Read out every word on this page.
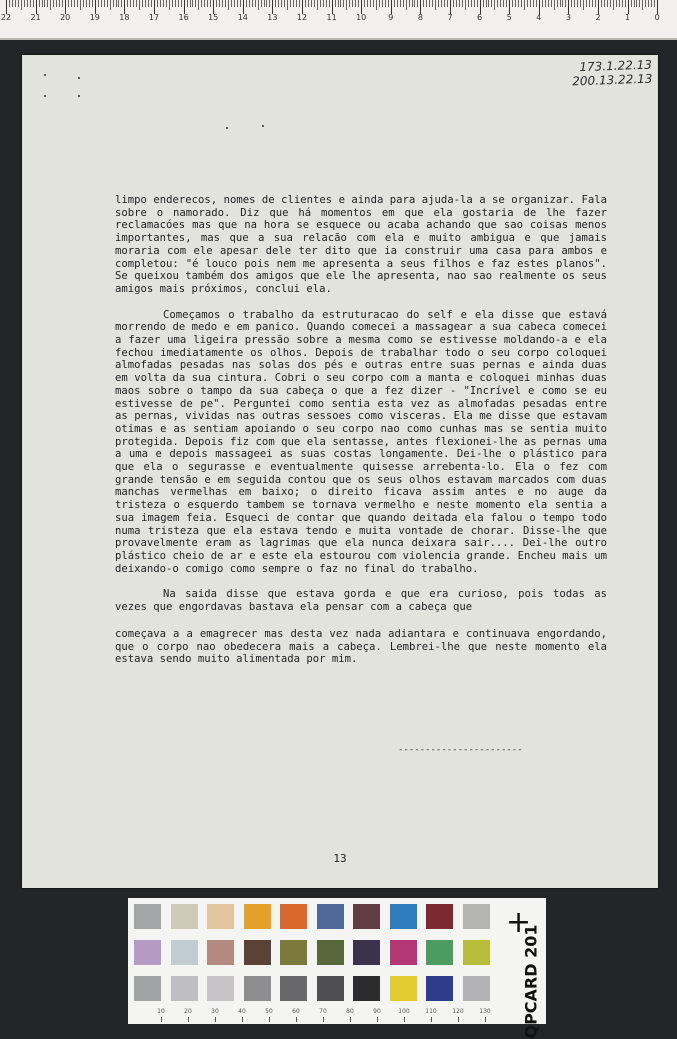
22 21 20 19 18 17 16 15 14 13 12 11 10	9	8	7	6	5	4	3	2	1	0
173.1.22.13
200.13.22.13

limpo enderecos, nomes de clientes e ainda para ajuda-la a se organizar. Fala sobre o namorado. Diz que há momentos em que ela gostaria de lhe fazer reclamacóes mas que na hora se esquece ou acaba achando que sao coisas menos importantes, mas que a sua relacão com ela e muito ambigua e que jamais moraria com ele apesar dele ter dito que ia construir uma casa para ambos e completou: "é louco pois nem me apresenta a seus filhos e faz estes planos". Se queixou também dos amigos que ele lhe apresenta, nao sao realmente os seus amigos mais próximos, conclui ela.

Começamos o trabalho da estruturacao do self e ela disse que estavá morrendo de medo e em panico. Quando comecei a massagear a sua cabeca comecei a fazer uma ligeira pressão sobre a mesma como se estivesse moldando-a e ela fechou imediatamente os olhos. Depois de trabalhar todo o seu corpo coloquei almofadas pesadas nas solas dos pés e outras entre suas pernas e ainda duas em volta da sua cintura. Cobri o seu corpo com a manta e coloquei minhas duas maos sobre o tampo da sua cabeça o que a fez dizer - "Incrível e como se eu estivesse de pe". Perguntei como sentia esta vez as almofadas pesadas entre as pernas, vividas nas outras sessoes como visceras. Ela me disse que estavam otimas e as sentiam apoiando o seu corpo nao como cunhas mas se sentia muito protegida. Depois fiz com que ela sentasse, antes flexionei-lhe as pernas uma a uma e depois massageei as suas costas longamente. Dei-lhe o plástico para que ela o segurasse e eventualmente quisesse arrebenta-lo. Ela o fez com grande tensão e em seguida contou que os seus olhos estavam marcados com duas manchas vermelhas em baixo; o direito ficava assim antes e no auge da tristeza o esquerdo tambem se tornava vermelho e neste momento ela sentia a sua imagem feia. Esqueci de contar que quando deitada ela falou o tempo todo numa tristeza que ela estava tendo e muita vontade de chorar. Disse-lhe que provavelmente eram as lagrimas que ela nunca deixara sair.... Dei-lhe outro plástico cheio de ar e este ela estourou com violencia grande. Encheu mais um deixando-o comigo como sempre o faz no final do trabalho.

Na saida disse que estava gorda e que era curioso, pois todas as vezes que engordavas bastava ela pensar com a cabeça que

começava a a emagrecer mas desta vez nada adiantara e continuava engordando, que o corpo nao obedecera mais a cabeça. Lembrei-lhe que neste momento ela estava sendo muito alimentada por mim.

-----------------------
13
+
QPCARD 201
10	20	30	40	50	60	70	80	90	100	110	120	130
